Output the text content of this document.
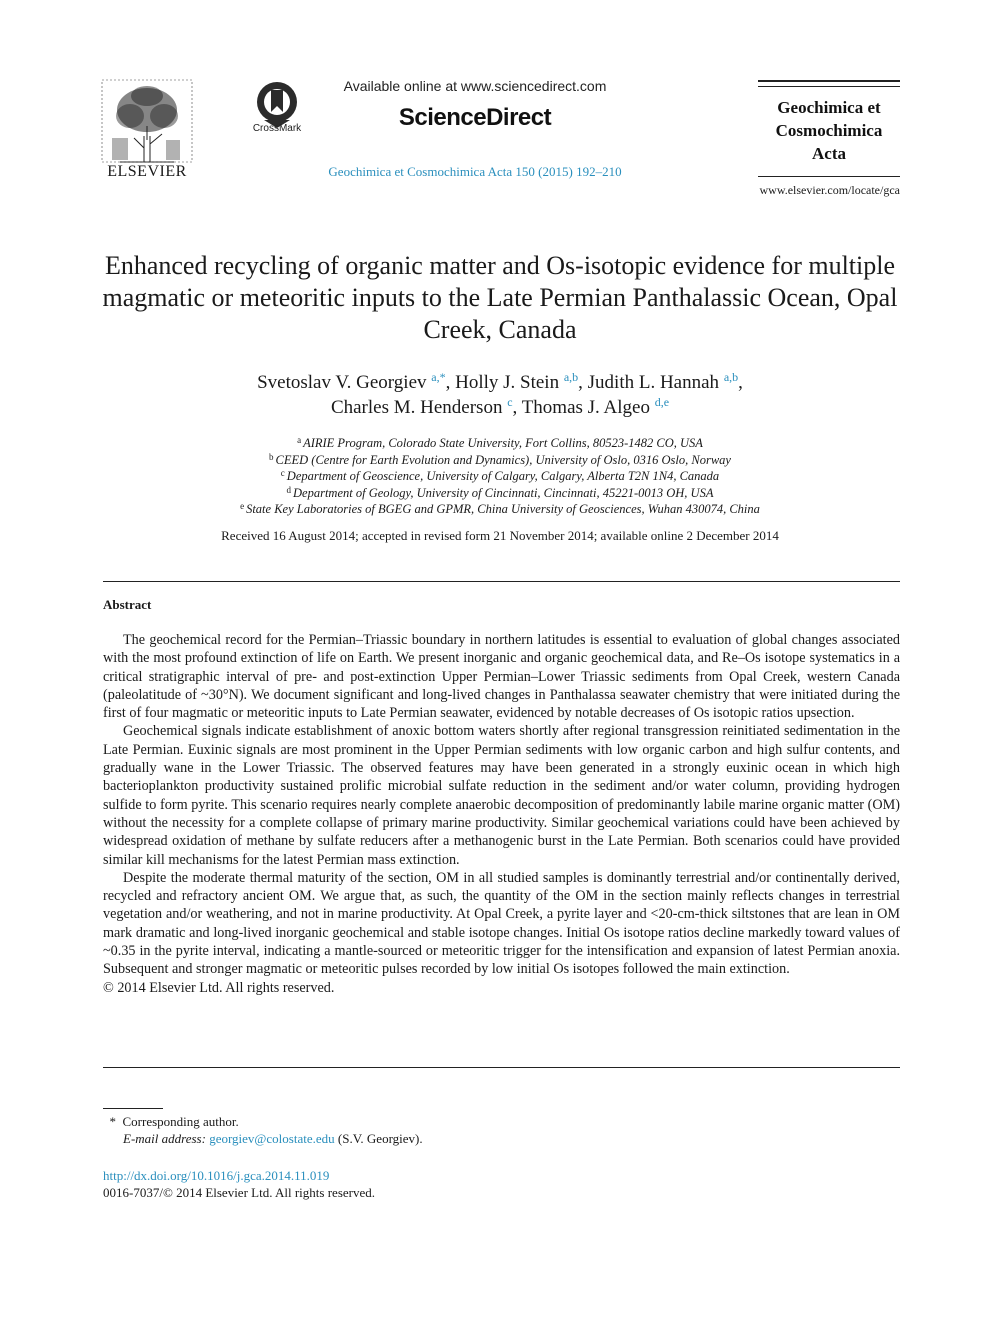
ELSEVIER
CrossMark
Available online at www.sciencedirect.com
ScienceDirect
Geochimica et Cosmochimica Acta 150 (2015) 192–210
Geochimica et
Cosmochimica
Acta
www.elsevier.com/locate/gca
Enhanced recycling of organic matter and Os-isotopic evidence for multiple magmatic or meteoritic inputs to the Late Permian Panthalassic Ocean, Opal Creek, Canada
Svetoslav V. Georgiev $^{a,*}$, Holly J. Stein $^{a,b}$, Judith L. Hannah $^{a,b}$,
Charles M. Henderson $^c$, Thomas J. Algeo $^{d,e}$
$^a$ AIRIE Program, Colorado State University, Fort Collins, 80523-1482 CO, USA
$^b$ CEED (Centre for Earth Evolution and Dynamics), University of Oslo, 0316 Oslo, Norway
$^c$ Department of Geoscience, University of Calgary, Calgary, Alberta T2N 1N4, Canada
$^d$ Department of Geology, University of Cincinnati, Cincinnati, 45221-0013 OH, USA
$^e$ State Key Laboratories of BGEG and GPMR, China University of Geosciences, Wuhan 430074, China
Received 16 August 2014; accepted in revised form 21 November 2014; available online 2 December 2014
Abstract

The geochemical record for the Permian–Triassic boundary in northern latitudes is essential to evaluation of global changes associated with the most profound extinction of life on Earth. We present inorganic and organic geochemical data, and Re–Os isotope systematics in a critical stratigraphic interval of pre- and post-extinction Upper Permian–Lower Triassic sediments from Opal Creek, western Canada (paleolatitude of ~30°N). We document significant and long-lived changes in Panthalassa seawater chemistry that were initiated during the first of four magmatic or meteoritic inputs to Late Permian seawater, evidenced by notable decreases of Os isotopic ratios upsection.

Geochemical signals indicate establishment of anoxic bottom waters shortly after regional transgression reinitiated sedimentation in the Late Permian. Euxinic signals are most prominent in the Upper Permian sediments with low organic carbon and high sulfur contents, and gradually wane in the Lower Triassic. The observed features may have been generated in a strongly euxinic ocean in which high bacterioplankton productivity sustained prolific microbial sulfate reduction in the sediment and/or water column, providing hydrogen sulfide to form pyrite. This scenario requires nearly complete anaerobic decomposition of predominantly labile marine organic matter (OM) without the necessity for a complete collapse of primary marine productivity. Similar geochemical variations could have been achieved by widespread oxidation of methane by sulfate reducers after a methanogenic burst in the Late Permian. Both scenarios could have provided similar kill mechanisms for the latest Permian mass extinction.

Despite the moderate thermal maturity of the section, OM in all studied samples is dominantly terrestrial and/or continentally derived, recycled and refractory ancient OM. We argue that, as such, the quantity of the OM in the section mainly reflects changes in terrestrial vegetation and/or weathering, and not in marine productivity. At Opal Creek, a pyrite layer and <20-cm-thick siltstones that are lean in OM mark dramatic and long-lived inorganic geochemical and stable isotope changes. Initial Os isotope ratios decline markedly toward values of ~0.35 in the pyrite interval, indicating a mantle-sourced or meteoritic trigger for the intensification and expansion of latest Permian anoxia. Subsequent and stronger magmatic or meteoritic pulses recorded by low initial Os isotopes followed the main extinction.

© 2014 Elsevier Ltd. All rights reserved.

* Corresponding author.
E-mail address: georgiev@colostate.edu (S.V. Georgiev).
http://dx.doi.org/10.1016/j.gca.2014.11.019
0016-7037/© 2014 Elsevier Ltd. All rights reserved.
